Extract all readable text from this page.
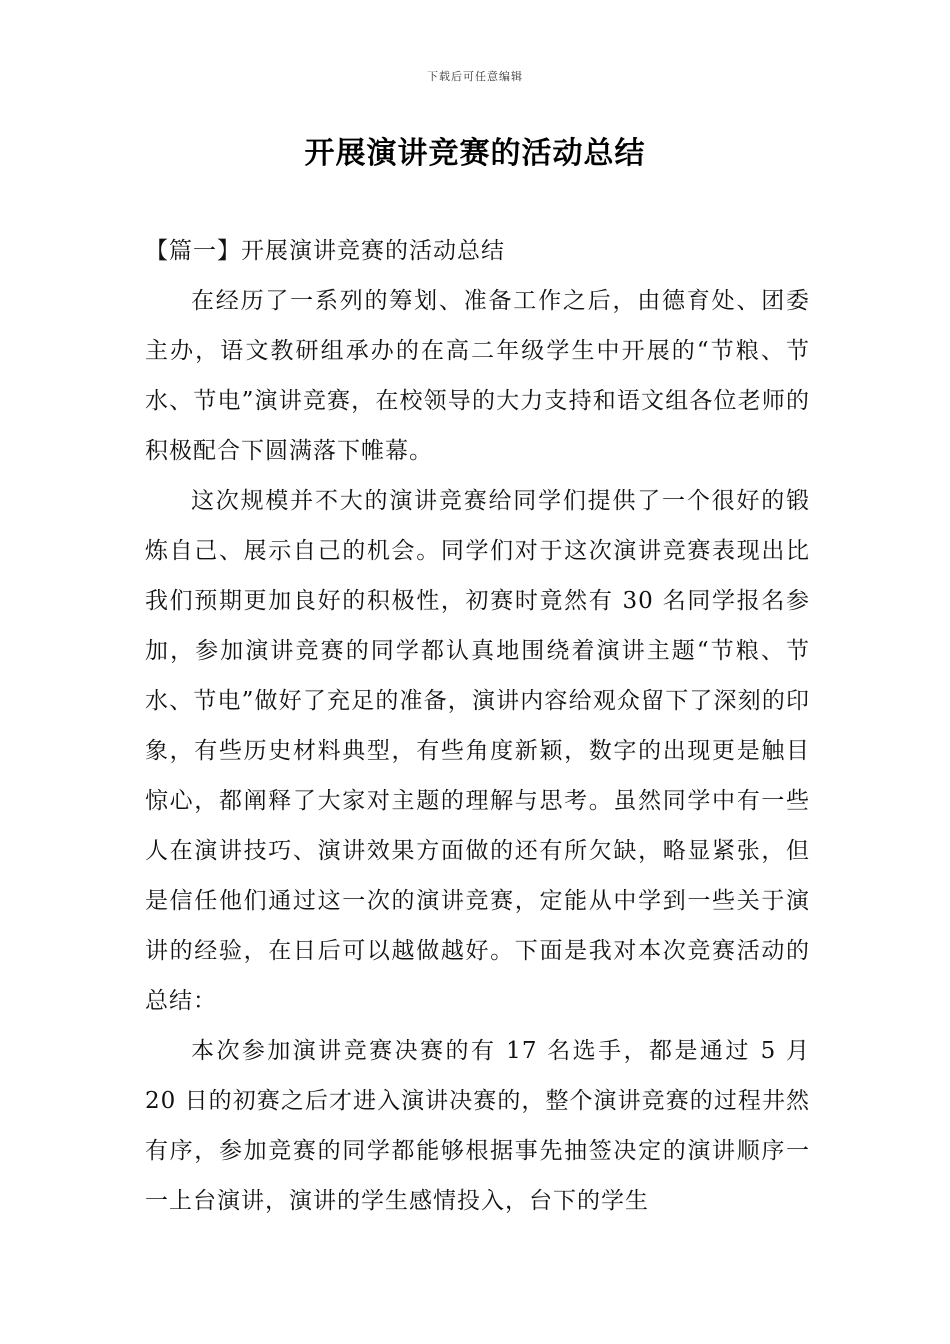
下载后可任意编辑
开展演讲竞赛的活动总结

【篇一】开展演讲竞赛的活动总结

在经历了一系列的筹划、准备工作之后，由德育处、团委主办，语文教研组承办的在高二年级学生中开展的“节粮、节水、节电”演讲竞赛，在校领导的大力支持和语文组各位老师的积极配合下圆满落下帷幕。

这次规模并不大的演讲竞赛给同学们提供了一个很好的锻炼自己、展示自己的机会。同学们对于这次演讲竞赛表现出比我们预期更加良好的积极性，初赛时竟然有 30 名同学报名参加，参加演讲竞赛的同学都认真地围绕着演讲主题“节粮、节水、节电”做好了充足的准备，演讲内容给观众留下了深刻的印象，有些历史材料典型，有些角度新颖，数字的出现更是触目惊心，都阐释了大家对主题的理解与思考。虽然同学中有一些人在演讲技巧、演讲效果方面做的还有所欠缺，略显紧张，但是信任他们通过这一次的演讲竞赛，定能从中学到一些关于演讲的经验，在日后可以越做越好。下面是我对本次竞赛活动的总结：

本次参加演讲竞赛决赛的有 17 名选手，都是通过 5 月 20 日的初赛之后才进入演讲决赛的，整个演讲竞赛的过程井然有序，参加竞赛的同学都能够根据事先抽签决定的演讲顺序一一上台演讲，演讲的学生感情投入，台下的学生
